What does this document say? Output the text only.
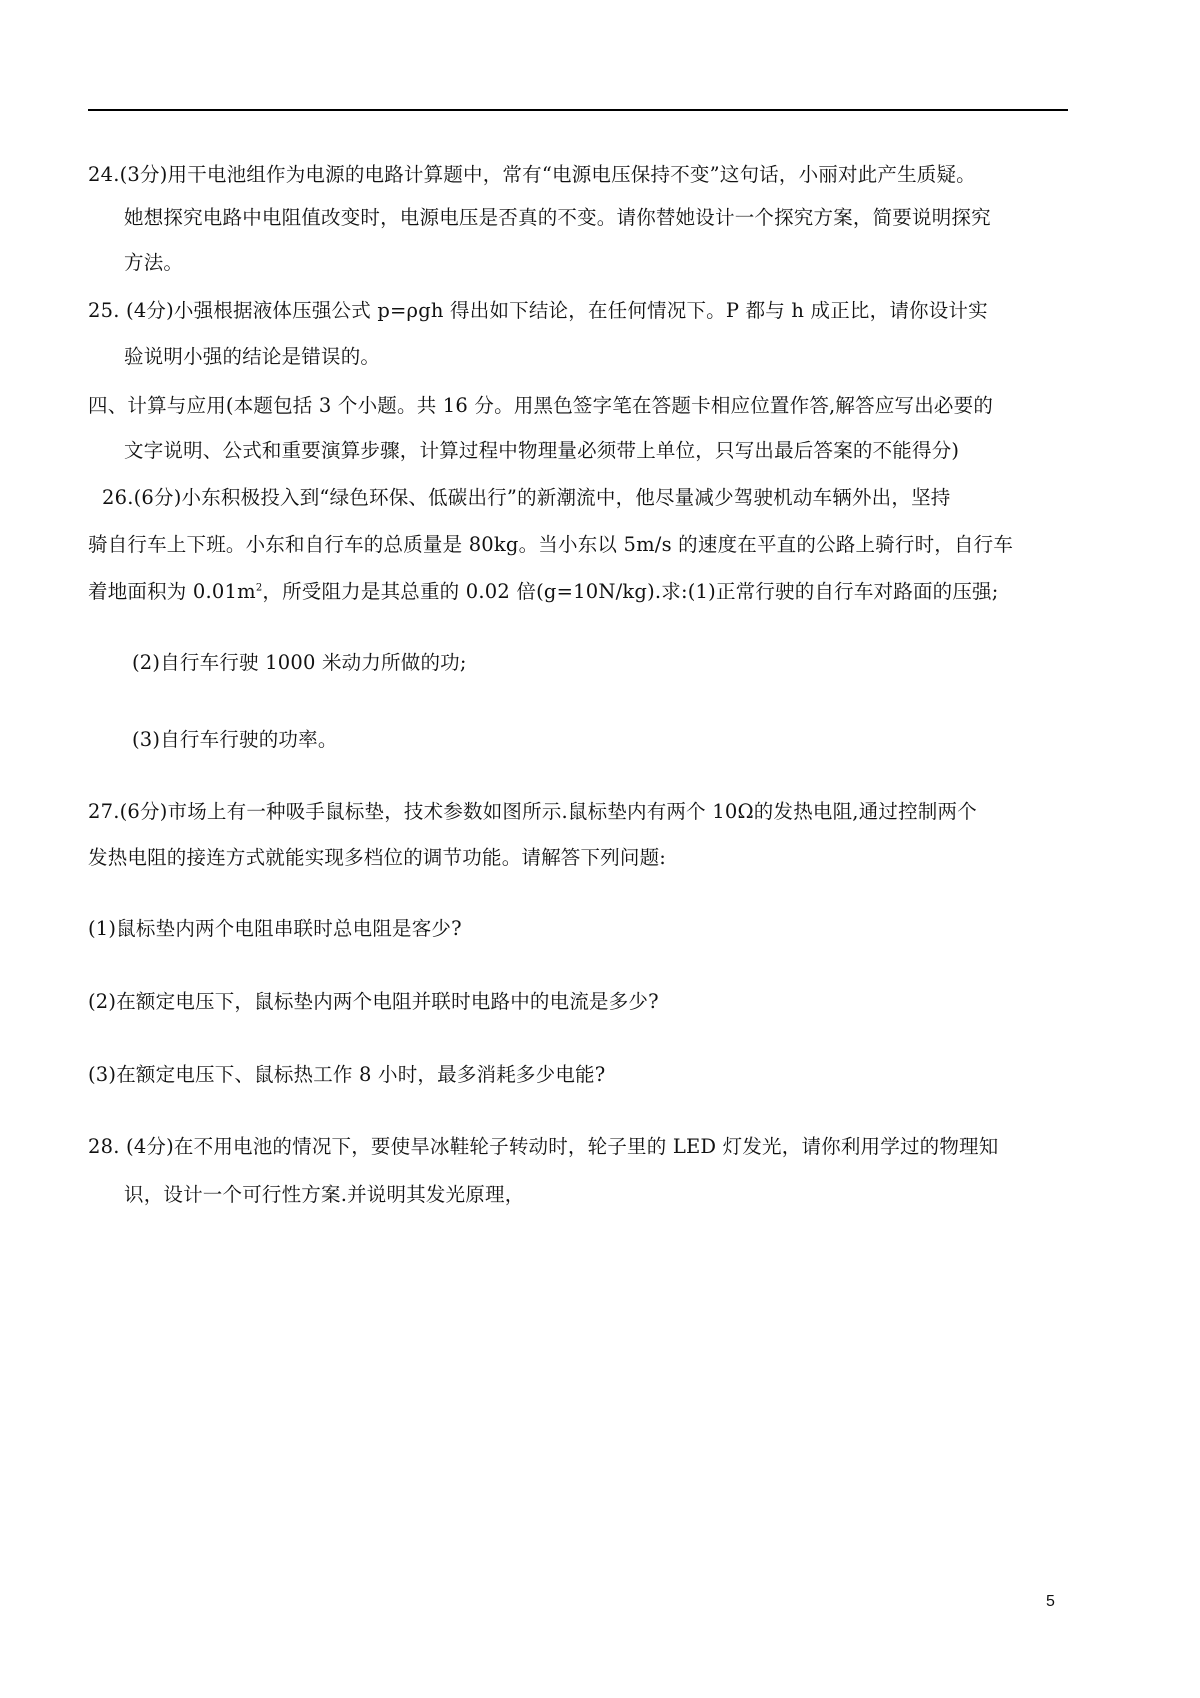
24.(3分)用干电池组作为电源的电路计算题中，常有“电源电压保持不变”这句话，小丽对此产生质疑。
她想探究电路中电阻值改变时，电源电压是否真的不变。请你替她设计一个探究方案，简要说明探究
方法。
25. (4分)小强根据液体压强公式 p=ρgh 得出如下结论，在任何情况下。P 都与 h 成正比，请你设计实
验说明小强的结论是错误的。
四、计算与应用(本题包括 3 个小题。共 16 分。用黑色签字笔在答题卡相应位置作答,解答应写出必要的
文字说明、公式和重要演算步骤，计算过程中物理量必须带上单位，只写出最后答案的不能得分)
26.(6分)小东积极投入到“绿色环保、低碳出行”的新潮流中，他尽量减少驾驶机动车辆外出，坚持
骑自行车上下班。小东和自行车的总质量是 80kg。当小东以 5m/s 的速度在平直的公路上骑行时，自行车
着地面积为 $0.01m^2$，所受阻力是其总重的 0.02 倍(g=10N/kg).求:(1)正常行驶的自行车对路面的压强;
(2)自行车行驶 1000 米动力所做的功;
(3)自行车行驶的功率。
27.(6分)市场上有一种吸手鼠标垫，技术参数如图所示.鼠标垫内有两个 10Ω的发热电阻,通过控制两个
发热电阻的接连方式就能实现多档位的调节功能。请解答下列问题:
(1)鼠标垫内两个电阻串联时总电阻是客少?
(2)在额定电压下，鼠标垫内两个电阻并联时电路中的电流是多少?
(3)在额定电压下、鼠标热工作 8 小时，最多消耗多少电能?
28. (4分)在不用电池的情况下，要使旱冰鞋轮子转动时，轮子里的 LED 灯发光，请你利用学过的物理知
识，设计一个可行性方案.并说明其发光原理，
5
